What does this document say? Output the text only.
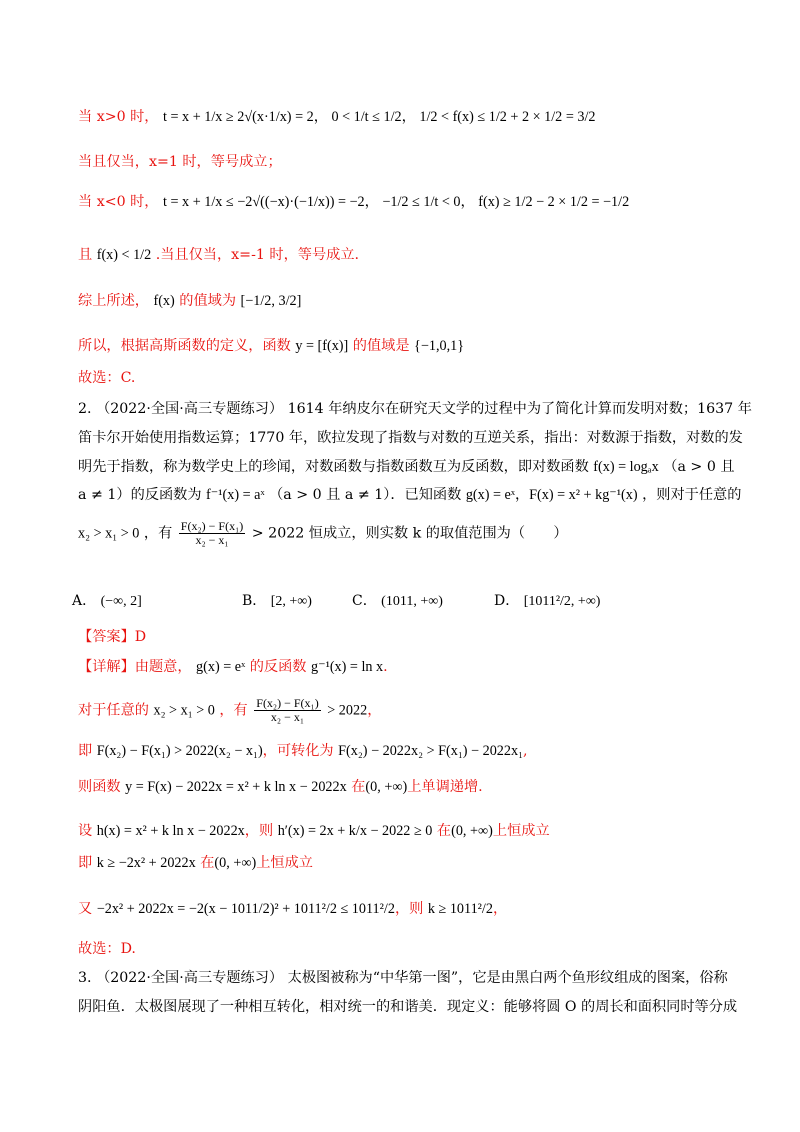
当 x>0 时， t = x + 1/x ≥ 2√(x·1/x) = 2， 0 < 1/t ≤ 1/2， 1/2 < f(x) ≤ 1/2 + 2 × 1/2 = 3/2
当且仅当，x=1 时，等号成立；
当 x<0 时， t = x + 1/x ≤ −2√((−x)·(−1/x)) = −2， −1/2 ≤ 1/t < 0， f(x) ≥ 1/2 − 2 × 1/2 = −1/2
且 f(x) < 1/2 .当且仅当，x=-1 时，等号成立.
综上所述， f(x) 的值域为 [−1/2, 3/2]
所以，根据高斯函数的定义，函数 y = [f(x)] 的值域是 {−1,0,1}
故选：C.
2. （2022·全国·高三专题练习） 1614 年纳皮尔在研究天文学的过程中为了简化计算而发明对数；1637 年
笛卡尔开始使用指数运算；1770 年，欧拉发现了指数与对数的互逆关系，指出：对数源于指数，对数的发
明先于指数，称为数学史上的珍闻，对数函数与指数函数互为反函数，即对数函数 f(x) = logₐx （a > 0 且
a ≠ 1）的反函数为 f⁻¹(x) = aˣ （a > 0 且 a ≠ 1）．已知函数 g(x) = eˣ，F(x) = x² + kg⁻¹(x) ，则对于任意的
x₂ > x₁ > 0 ，有 $\frac{\text{F(x₂) − F(x₁)}}{\text{x₂ − x₁}} > 2022$ 恒成立，则实数 k 的取值范围为（　　）
A． (−∞, 2]	B． [2, +∞)	C． (1011, +∞)	D． [1011²/2, +∞)
【答案】D
【详解】由题意， g(x) = eˣ 的反函数 g⁻¹(x) = ln x.
对于任意的 x₂ > x₁ > 0 ，有 $\frac{\text{F(x₂) − F(x₁)}}{\text{x₂ − x₁}} > 2022$，
即 F(x₂) − F(x₁) > 2022(x₂ − x₁)，可转化为 F(x₂) − 2022x₂ > F(x₁) − 2022x₁,
则函数 y = F(x) − 2022x = x² + k ln x − 2022x 在(0, +∞)上单调递增.
设 h(x) = x² + k ln x − 2022x，则 h′(x) = 2x + k/x − 2022 ≥ 0 在(0, +∞)上恒成立
即 k ≥ −2x² + 2022x 在(0, +∞)上恒成立
又 −2x² + 2022x = −2(x − 1011/2)² + 1011²/2 ≤ 1011²/2，则 k ≥ 1011²/2，
故选：D.
3. （2022·全国·高三专题练习） 太极图被称为“中华第一图”，它是由黑白两个鱼形纹组成的图案，俗称
阴阳鱼．太极图展现了一种相互转化，相对统一的和谐美．现定义：能够将圆 O 的周长和面积同时等分成
